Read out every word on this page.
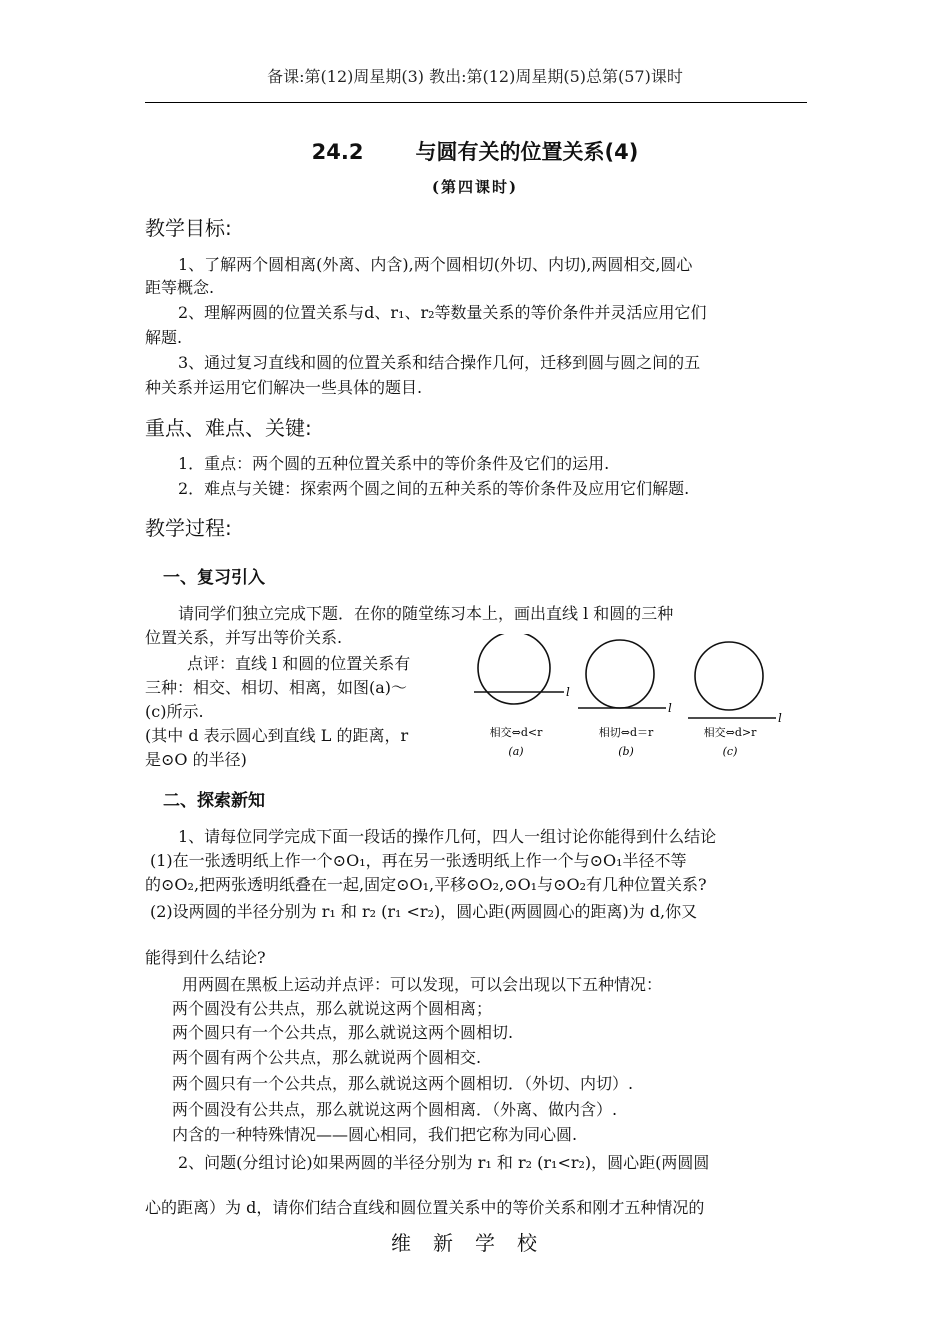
备课:第(12)周星期(3) 教出:第(12)周星期(5)总第(57)课时
24.2 与圆有关的位置关系(4)
(第四课时)
教学目标:
1、了解两个圆相离(外离、内含),两个圆相切(外切、内切),两圆相交,圆心
距等概念.
2、理解两圆的位置关系与d、r₁、r₂等数量关系的等价条件并灵活应用它们
解题.
3、通过复习直线和圆的位置关系和结合操作几何，迁移到圆与圆之间的五
种关系并运用它们解决一些具体的题目.
重点、难点、关键:
1．重点：两个圆的五种位置关系中的等价条件及它们的运用.
2．难点与关键：探索两个圆之间的五种关系的等价条件及应用它们解题.
教学过程:
一、复习引入
请同学们独立完成下题．在你的随堂练习本上，画出直线 l 和圆的三种
位置关系，并写出等价关系.
点评：直线 l 和圆的位置关系有
三种：相交、相切、相离，如图(a)～
(c)所示.
(其中 d 表示圆心到直线 L 的距离，r
是⊙O 的半径)
l
相交⇔d<r
(a)
l
相切⇔d＝r
(b)
l
相交⇔d>r
(c)
二、探索新知
1、请每位同学完成下面一段话的操作几何，四人一组讨论你能得到什么结论
(1)在一张透明纸上作一个⊙O₁，再在另一张透明纸上作一个与⊙O₁半径不等
的⊙O₂,把两张透明纸叠在一起,固定⊙O₁,平移⊙O₂,⊙O₁与⊙O₂有几种位置关系?
(2)设两圆的半径分别为 r₁ 和 r₂ (r₁ <r₂)，圆心距(两圆圆心的距离)为 d,你又
能得到什么结论?
用两圆在黑板上运动并点评：可以发现，可以会出现以下五种情况：
两个圆没有公共点，那么就说这两个圆相离；
两个圆只有一个公共点，那么就说这两个圆相切.
两个圆有两个公共点，那么就说两个圆相交.
两个圆只有一个公共点，那么就说这两个圆相切．（外切、内切）.
两个圆没有公共点，那么就说这两个圆相离．（外离、做内含）.
内含的一种特殊情况——圆心相同，我们把它称为同心圆.
2、问题(分组讨论)如果两圆的半径分别为 r₁ 和 r₂ (r₁<r₂)，圆心距(两圆圆
心的距离）为 d，请你们结合直线和圆位置关系中的等价关系和刚才五种情况的
维新学校
